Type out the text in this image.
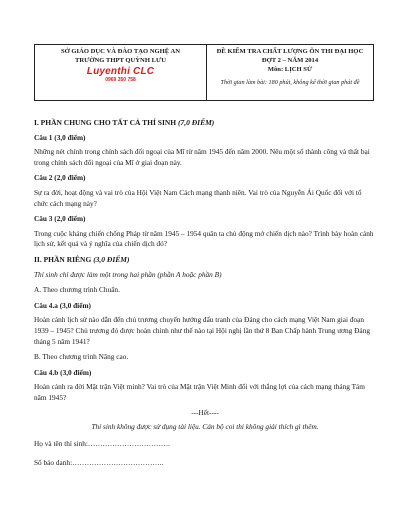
SỞ GIÁO DỤC VÀ ĐÀO TẠO NGHỆ AN
TRƯỜNG THPT QUỲNH LƯU
Luyenthi CLC
0969 350 758

ĐỀ KIỂM TRA CHẤT LƯỢNG ÔN THI ĐẠI HỌC
ĐỢT 2 – NĂM 2014
Môn: LỊCH SỬ
Thời gian làm bài: 180 phút, không kể thời gian phát đề
I. PHẦN CHUNG CHO TẤT CẢ THÍ SINH (7,0 ĐIỂM)
Câu 1 (3,0 điểm)
Những nét chính trong chính sách đối ngoại của Mĩ từ năm 1945 đến năm 2000. Nêu một số thành công và thất bại trong chính sách đối ngoại của Mĩ ở giai đoạn này.
Câu 2 (2,0 điểm)
Sự ra đời, hoạt động và vai trò của Hội Việt Nam Cách mạng thanh niên. Vai trò của Nguyễn Ái Quốc đối với tổ chức cách mạng này?
Câu 3 (2,0 điểm)
Trong cuộc kháng chiến chống Pháp từ năm 1945 – 1954 quân ta chủ động mở chiến dịch nào? Trình bày hoàn cảnh lịch sử, kết quả và ý nghĩa của chiến dịch đó?
II. PHẦN RIÊNG (3,0 ĐIỂM)
Thí sinh chỉ được làm một trong hai phần (phần A hoặc phần B)
A. Theo chương trình Chuẩn.
Câu 4.a (3,0 điểm)
Hoàn cảnh lịch sử nào dẫn đến chủ trương chuyển hướng đấu tranh của Đảng cho cách mạng Việt Nam giai đoạn 1939 – 1945? Chủ trương đó được hoàn chỉnh như thế nào tại Hội nghị lần thứ 8 Ban Chấp hành Trung ương Đảng tháng 5 năm 1941?
B. Theo chương trình Nâng cao.
Câu 4.b (3,0 điểm)
Hoàn cảnh ra đời Mặt trận Việt minh? Vai trò của Mặt trận Việt Minh đối với thắng lợi của cách mạng tháng Tám năm 1945?
---Hết----
Thí sinh không được sử dụng tài liệu. Cán bộ coi thi không giải thích gì thêm.
Họ và tên thí sinh:…………………………….
Số báo danh:………………………………..
